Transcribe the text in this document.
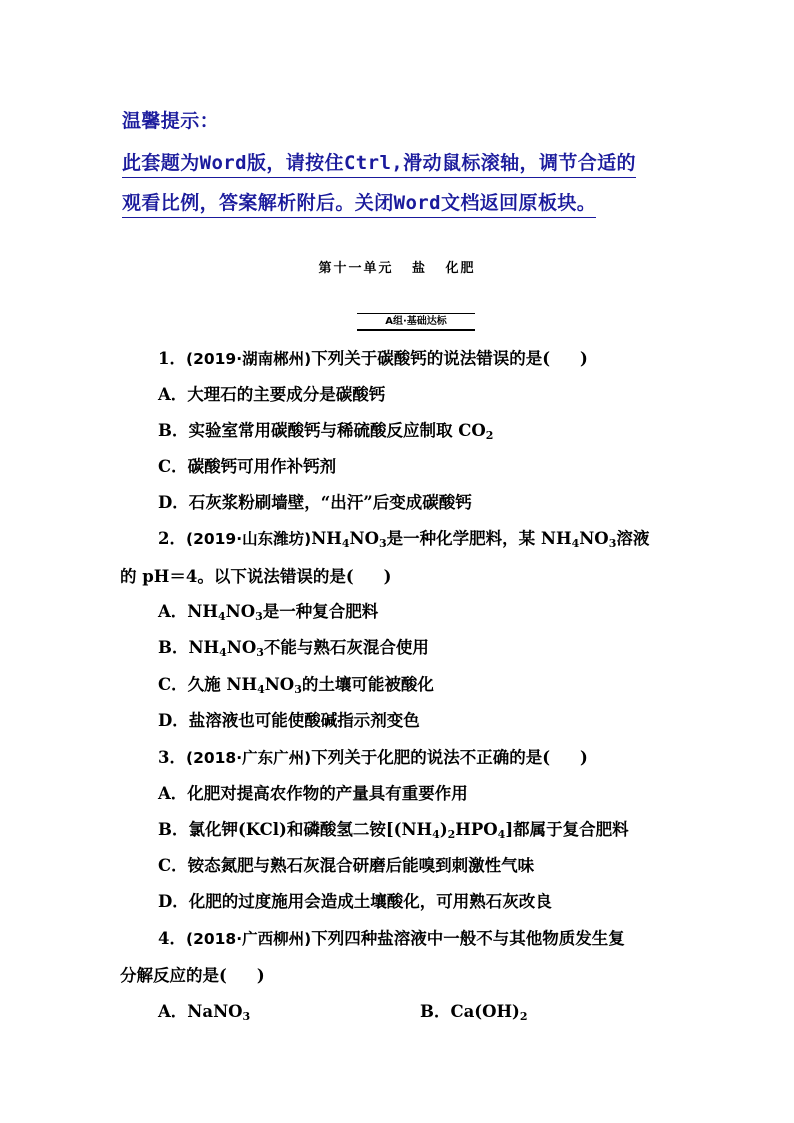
温馨提示：
此套题为Word版，请按住Ctrl,滑动鼠标滚轴，调节合适的
观看比例，答案解析附后。关闭Word文档返回原板块。
第十一单元 盐 化肥
A组·基础达标
1．(2019·湖南郴州)下列关于碳酸钙的说法错误的是( )
A．大理石的主要成分是碳酸钙
B．实验室常用碳酸钙与稀硫酸反应制取 $CO_2$
C．碳酸钙可用作补钙剂
D．石灰浆粉刷墙壁，“出汗”后变成碳酸钙
2．(2019·山东潍坊)$NH_4NO_3$是一种化学肥料，某 $NH_4NO_3$溶液
的 pH＝4。以下说法错误的是( )
A．$NH_4NO_3$是一种复合肥料
B．$NH_4NO_3$不能与熟石灰混合使用
C．久施 $NH_4NO_3$的土壤可能被酸化
D．盐溶液也可能使酸碱指示剂变色
3．(2018·广东广州)下列关于化肥的说法不正确的是( )
A．化肥对提高农作物的产量具有重要作用
B．氯化钾(KCl)和磷酸氢二铵$[(NH_4)_2HPO_4]$都属于复合肥料
C．铵态氮肥与熟石灰混合研磨后能嗅到刺激性气味
D．化肥的过度施用会造成土壤酸化，可用熟石灰改良
4．(2018·广西柳州)下列四种盐溶液中一般不与其他物质发生复
分解反应的是( )
A．NaNO$_3$	B．$Ca(OH)_2$
